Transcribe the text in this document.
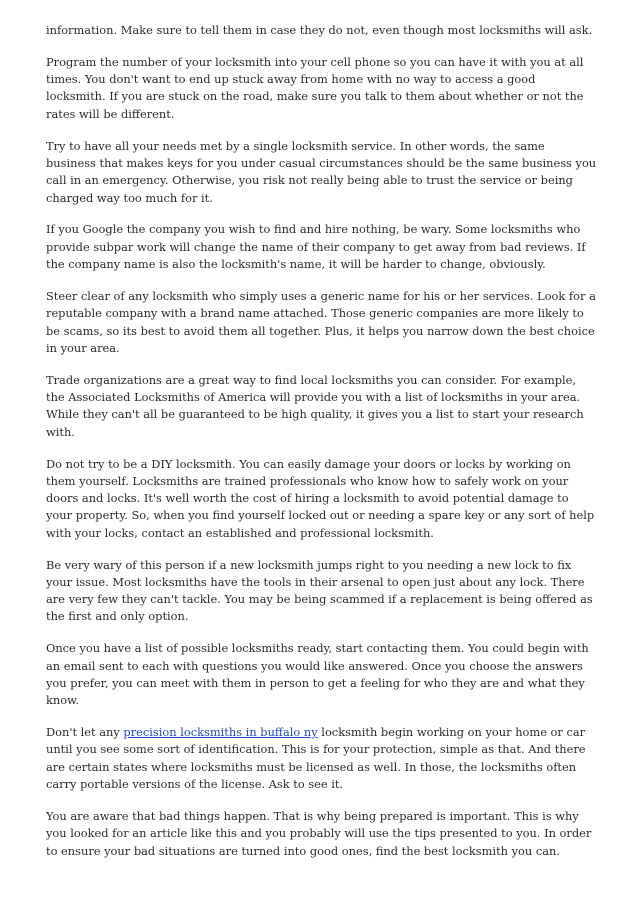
information. Make sure to tell them in case they do not, even though most locksmiths will ask.

Program the number of your locksmith into your cell phone so you can have it with you at all times. You don't want to end up stuck away from home with no way to access a good locksmith. If you are stuck on the road, make sure you talk to them about whether or not the rates will be different.

Try to have all your needs met by a single locksmith service. In other words, the same business that makes keys for you under casual circumstances should be the same business you call in an emergency. Otherwise, you risk not really being able to trust the service or being charged way too much for it.

If you Google the company you wish to find and hire nothing, be wary. Some locksmiths who provide subpar work will change the name of their company to get away from bad reviews. If the company name is also the locksmith's name, it will be harder to change, obviously.

Steer clear of any locksmith who simply uses a generic name for his or her services. Look for a reputable company with a brand name attached. Those generic companies are more likely to be scams, so its best to avoid them all together. Plus, it helps you narrow down the best choice in your area.

Trade organizations are a great way to find local locksmiths you can consider. For example, the Associated Locksmiths of America will provide you with a list of locksmiths in your area. While they can't all be guaranteed to be high quality, it gives you a list to start your research with.

Do not try to be a DIY locksmith. You can easily damage your doors or locks by working on them yourself. Locksmiths are trained professionals who know how to safely work on your doors and locks. It's well worth the cost of hiring a locksmith to avoid potential damage to your property. So, when you find yourself locked out or needing a spare key or any sort of help with your locks, contact an established and professional locksmith.

Be very wary of this person if a new locksmith jumps right to you needing a new lock to fix your issue. Most locksmiths have the tools in their arsenal to open just about any lock. There are very few they can't tackle. You may be being scammed if a replacement is being offered as the first and only option.

Once you have a list of possible locksmiths ready, start contacting them. You could begin with an email sent to each with questions you would like answered. Once you choose the answers you prefer, you can meet with them in person to get a feeling for who they are and what they know.

Don't let any precision locksmiths in buffalo ny locksmith begin working on your home or car until you see some sort of identification. This is for your protection, simple as that. And there are certain states where locksmiths must be licensed as well. In those, the locksmiths often carry portable versions of the license. Ask to see it.

You are aware that bad things happen. That is why being prepared is important. This is why you looked for an article like this and you probably will use the tips presented to you. In order to ensure your bad situations are turned into good ones, find the best locksmith you can.
